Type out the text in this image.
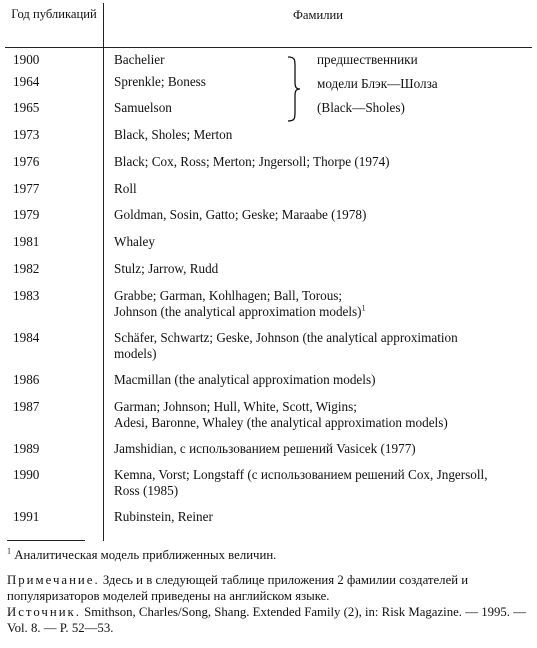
Год публикаций	Фамилии
1900	Bachelier

1964	Sprenkle; Boness

1965	Samuelson

1973	Black, Sholes; Merton

1976	Black; Cox, Ross; Merton; Jngersoll; Thorpe (1974)

1977	Roll

1979	Goldman, Sosin, Gatto; Geske; Maraabe (1978)

1981	Whaley

1982	Stulz; Jarrow, Rudd

1983	Grabbe; Garman, Kohlhagen; Ball, Torous;
Johnson (the analytical approximation models)$^1$

1984	Schäfer, Schwartz; Geske, Johnson (the analytical approximation
models)

1986	Macmillan (the analytical approximation models)

1987	Garman; Johnson; Hull, White, Scott, Wigins;
Adesi, Baronne, Whaley (the analytical approximation models)

1989	Jamshidian, с использованием решений Vasicek (1977)

1990	Kemna, Vorst; Longstaff (с использованием решений Cox, Jngersoll,
Ross (1985)

1991	Rubinstein, Reiner
предшественники
модели Блэк—Шолза
(Black—Sholes)
$^1$ Аналитическая модель приближенных величин.
Примечание. Здесь и в следующей таблице приложения 2 фамилии создателей и популяризаторов моделей приведены на английском языке.
Источник. Smithson, Charles/Song, Shang. Extended Family (2), in: Risk Magazine. — 1995. — Vol. 8. — P. 52—53.
